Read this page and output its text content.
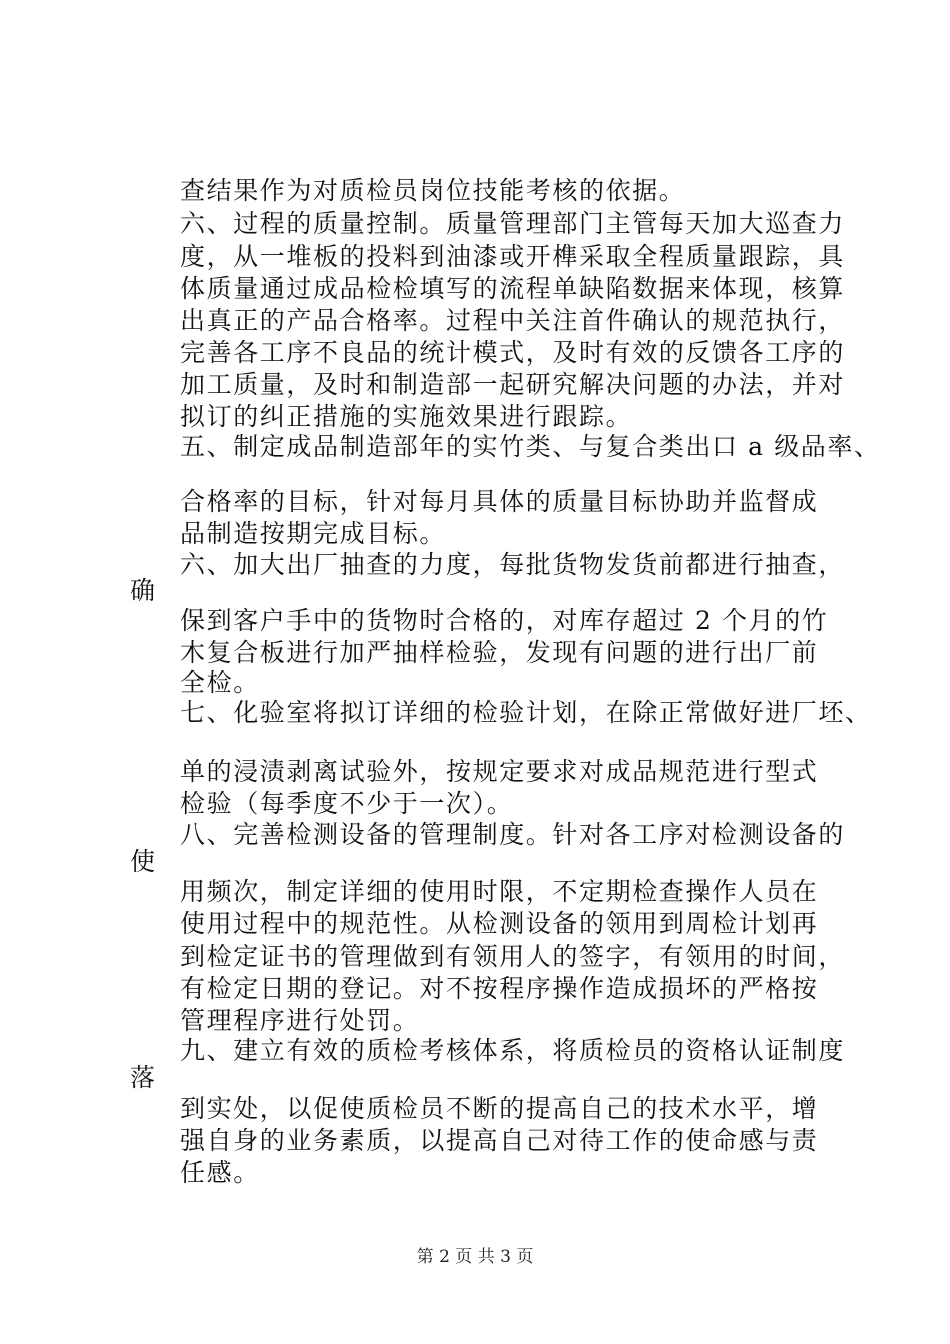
查结果作为对质检员岗位技能考核的依据。
六、过程的质量控制。质量管理部门主管每天加大巡查力
度，从一堆板的投料到油漆或开榫采取全程质量跟踪，具
体质量通过成品检检填写的流程单缺陷数据来体现，核算
出真正的产品合格率。过程中关注首件确认的规范执行，
完善各工序不良品的统计模式，及时有效的反馈各工序的
加工质量，及时和制造部一起研究解决问题的办法，并对
拟订的纠正措施的实施效果进行跟踪。
五、制定成品制造部年的实竹类、与复合类出口 a 级品率、
合格率的目标，针对每月具体的质量目标协助并监督成
品制造按期完成目标。
六、加大出厂抽查的力度，每批货物发货前都进行抽查，
确
保到客户手中的货物时合格的，对库存超过 2 个月的竹
木复合板进行加严抽样检验，发现有问题的进行出厂前
全检。
七、化验室将拟订详细的检验计划，在除正常做好进厂坯、
单的浸渍剥离试验外，按规定要求对成品规范进行型式
检验（每季度不少于一次）。
八、完善检测设备的管理制度。针对各工序对检测设备的
使
用频次，制定详细的使用时限，不定期检查操作人员在
使用过程中的规范性。从检测设备的领用到周检计划再
到检定证书的管理做到有领用人的签字，有领用的时间，
有检定日期的登记。对不按程序操作造成损坏的严格按
管理程序进行处罚。
九、建立有效的质检考核体系，将质检员的资格认证制度
落
到实处，以促使质检员不断的提高自己的技术水平，增
强自身的业务素质，以提高自己对待工作的使命感与责
任感。
第 2 页 共 3 页
